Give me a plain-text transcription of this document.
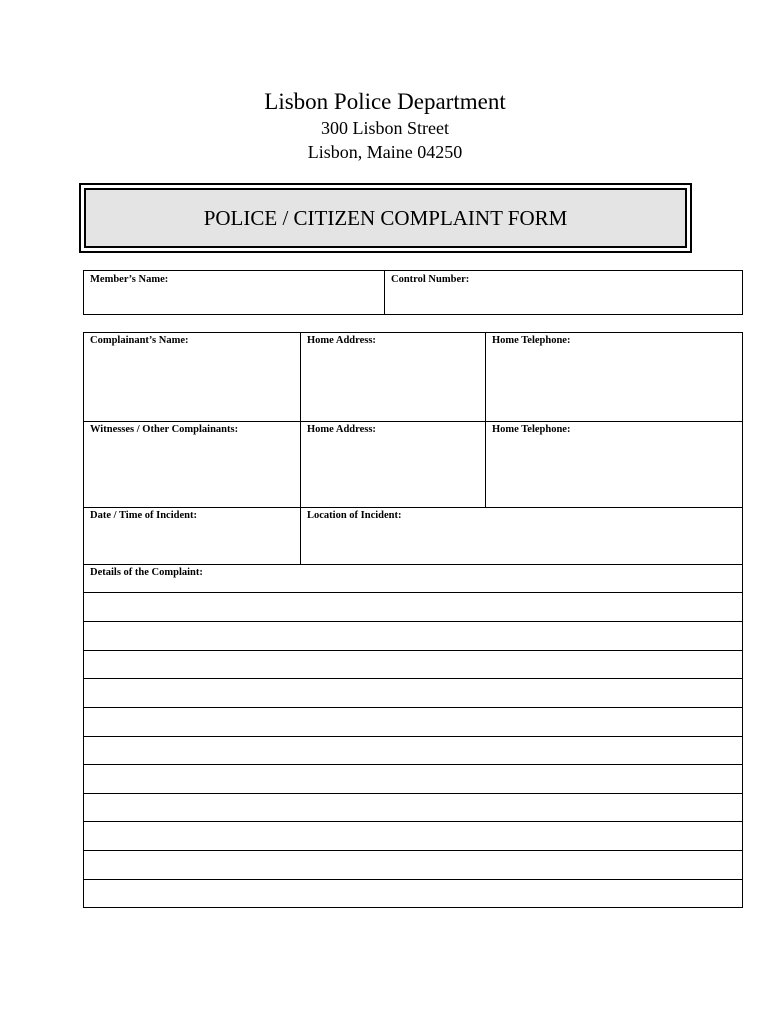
Lisbon Police Department
300 Lisbon Street
Lisbon, Maine 04250
POLICE / CITIZEN COMPLAINT FORM
Member’s Name:	Control Number:
Complainant’s Name:	Home Address:	Home Telephone:
Witnesses / Other Complainants:	Home Address:	Home Telephone:
Date / Time of Incident:	Location of Incident:
Details of the Complaint:
